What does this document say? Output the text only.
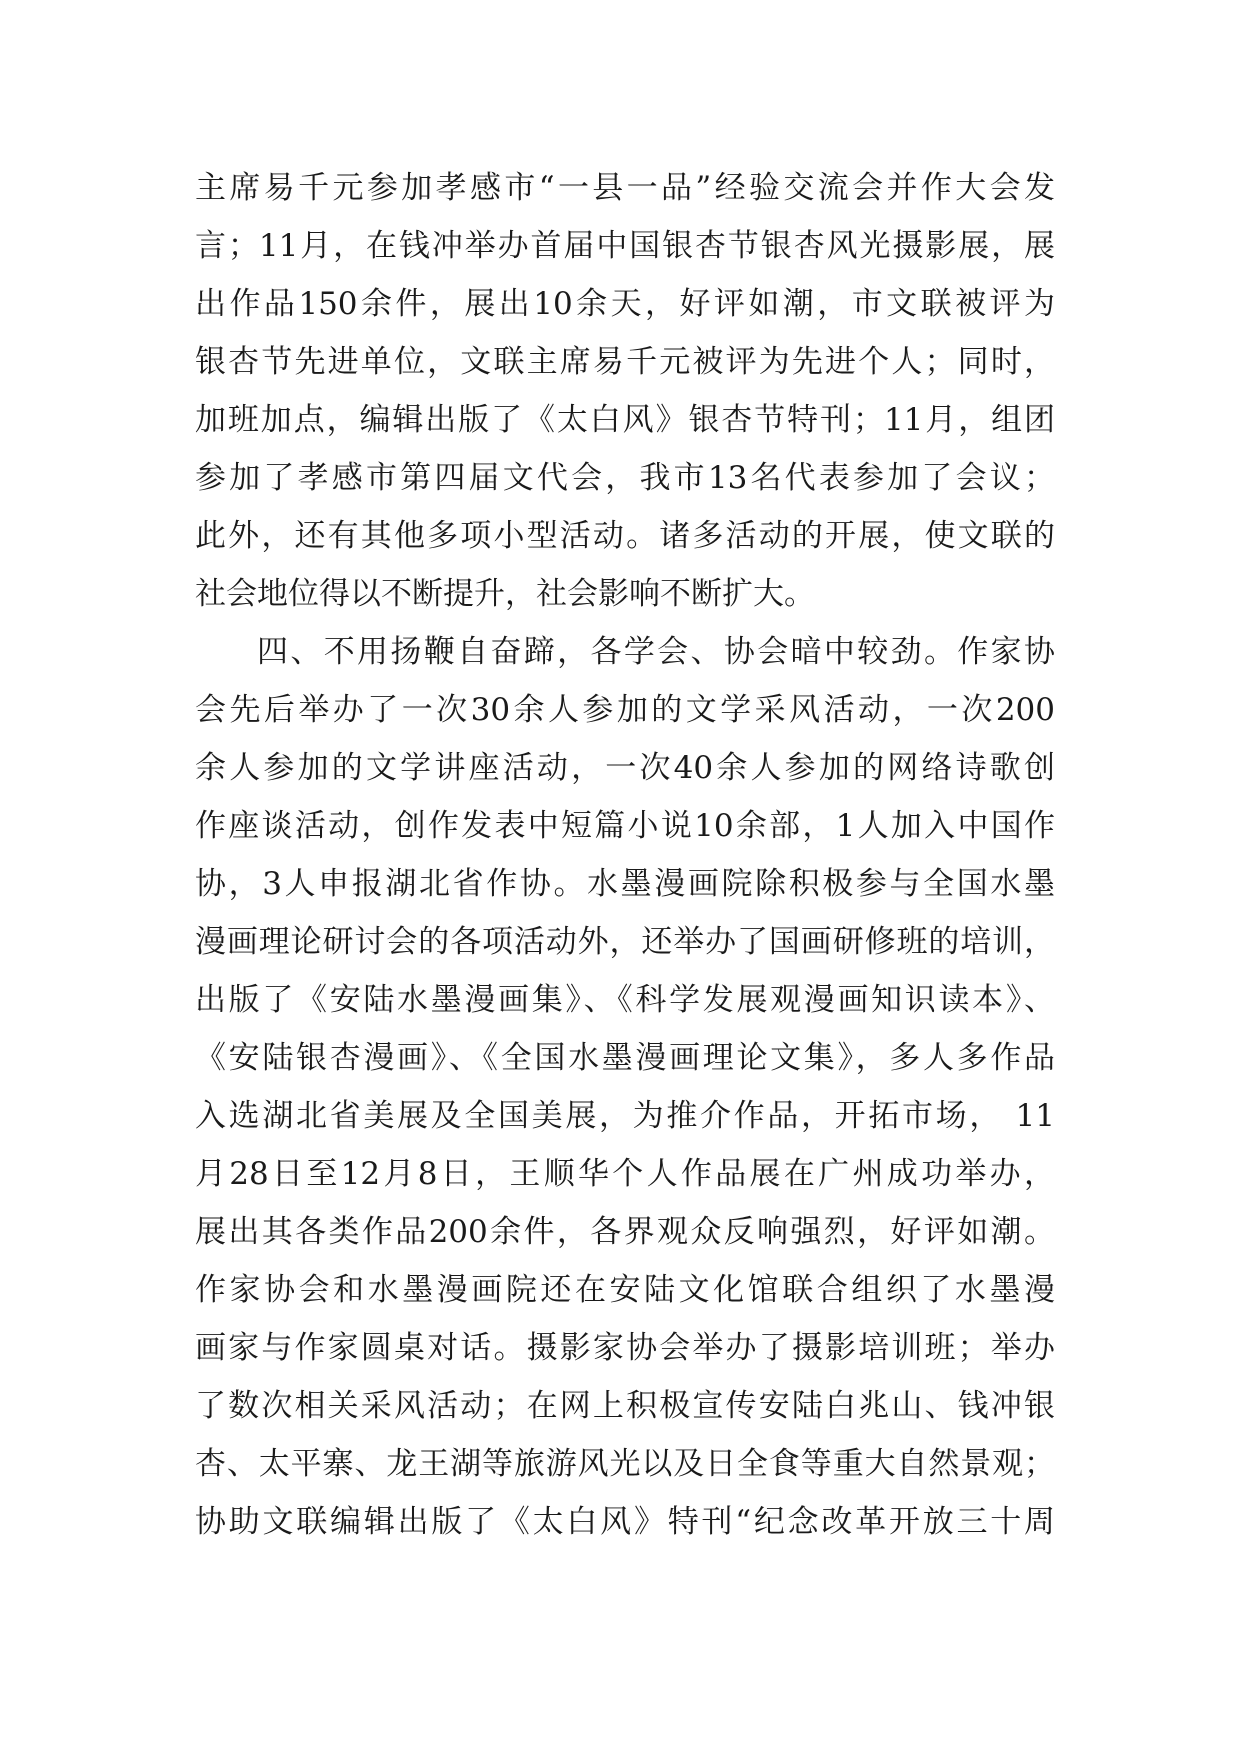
主席易千元参加孝感市“一县一品”经验交流会并作大会发
言；11月，在钱冲举办首届中国银杏节银杏风光摄影展，展
出作品150余件，展出10余天，好评如潮，市文联被评为
银杏节先进单位，文联主席易千元被评为先进个人；同时，
加班加点，编辑出版了《太白风》银杏节特刊；11月，组团
参加了孝感市第四届文代会，我市13名代表参加了会议；
此外，还有其他多项小型活动。诸多活动的开展，使文联的
社会地位得以不断提升，社会影响不断扩大。
四、不用扬鞭自奋蹄，各学会、协会暗中较劲。作家协
会先后举办了一次30余人参加的文学采风活动，一次200
余人参加的文学讲座活动，一次40余人参加的网络诗歌创
作座谈活动，创作发表中短篇小说10余部，1人加入中国作
协，3人申报湖北省作协。水墨漫画院除积极参与全国水墨
漫画理论研讨会的各项活动外，还举办了国画研修班的培训，
出版了《安陆水墨漫画集》、《科学发展观漫画知识读本》、
《安陆银杏漫画》、《全国水墨漫画理论文集》，多人多作品
入选湖北省美展及全国美展，为推介作品，开拓市场， 11
月28日至12月8日，王顺华个人作品展在广州成功举办，
展出其各类作品200余件，各界观众反响强烈，好评如潮。
作家协会和水墨漫画院还在安陆文化馆联合组织了水墨漫
画家与作家圆桌对话。摄影家协会举办了摄影培训班；举办
了数次相关采风活动；在网上积极宣传安陆白兆山、钱冲银
杏、太平寨、龙王湖等旅游风光以及日全食等重大自然景观；
协助文联编辑出版了《太白风》特刊“纪念改革开放三十周
